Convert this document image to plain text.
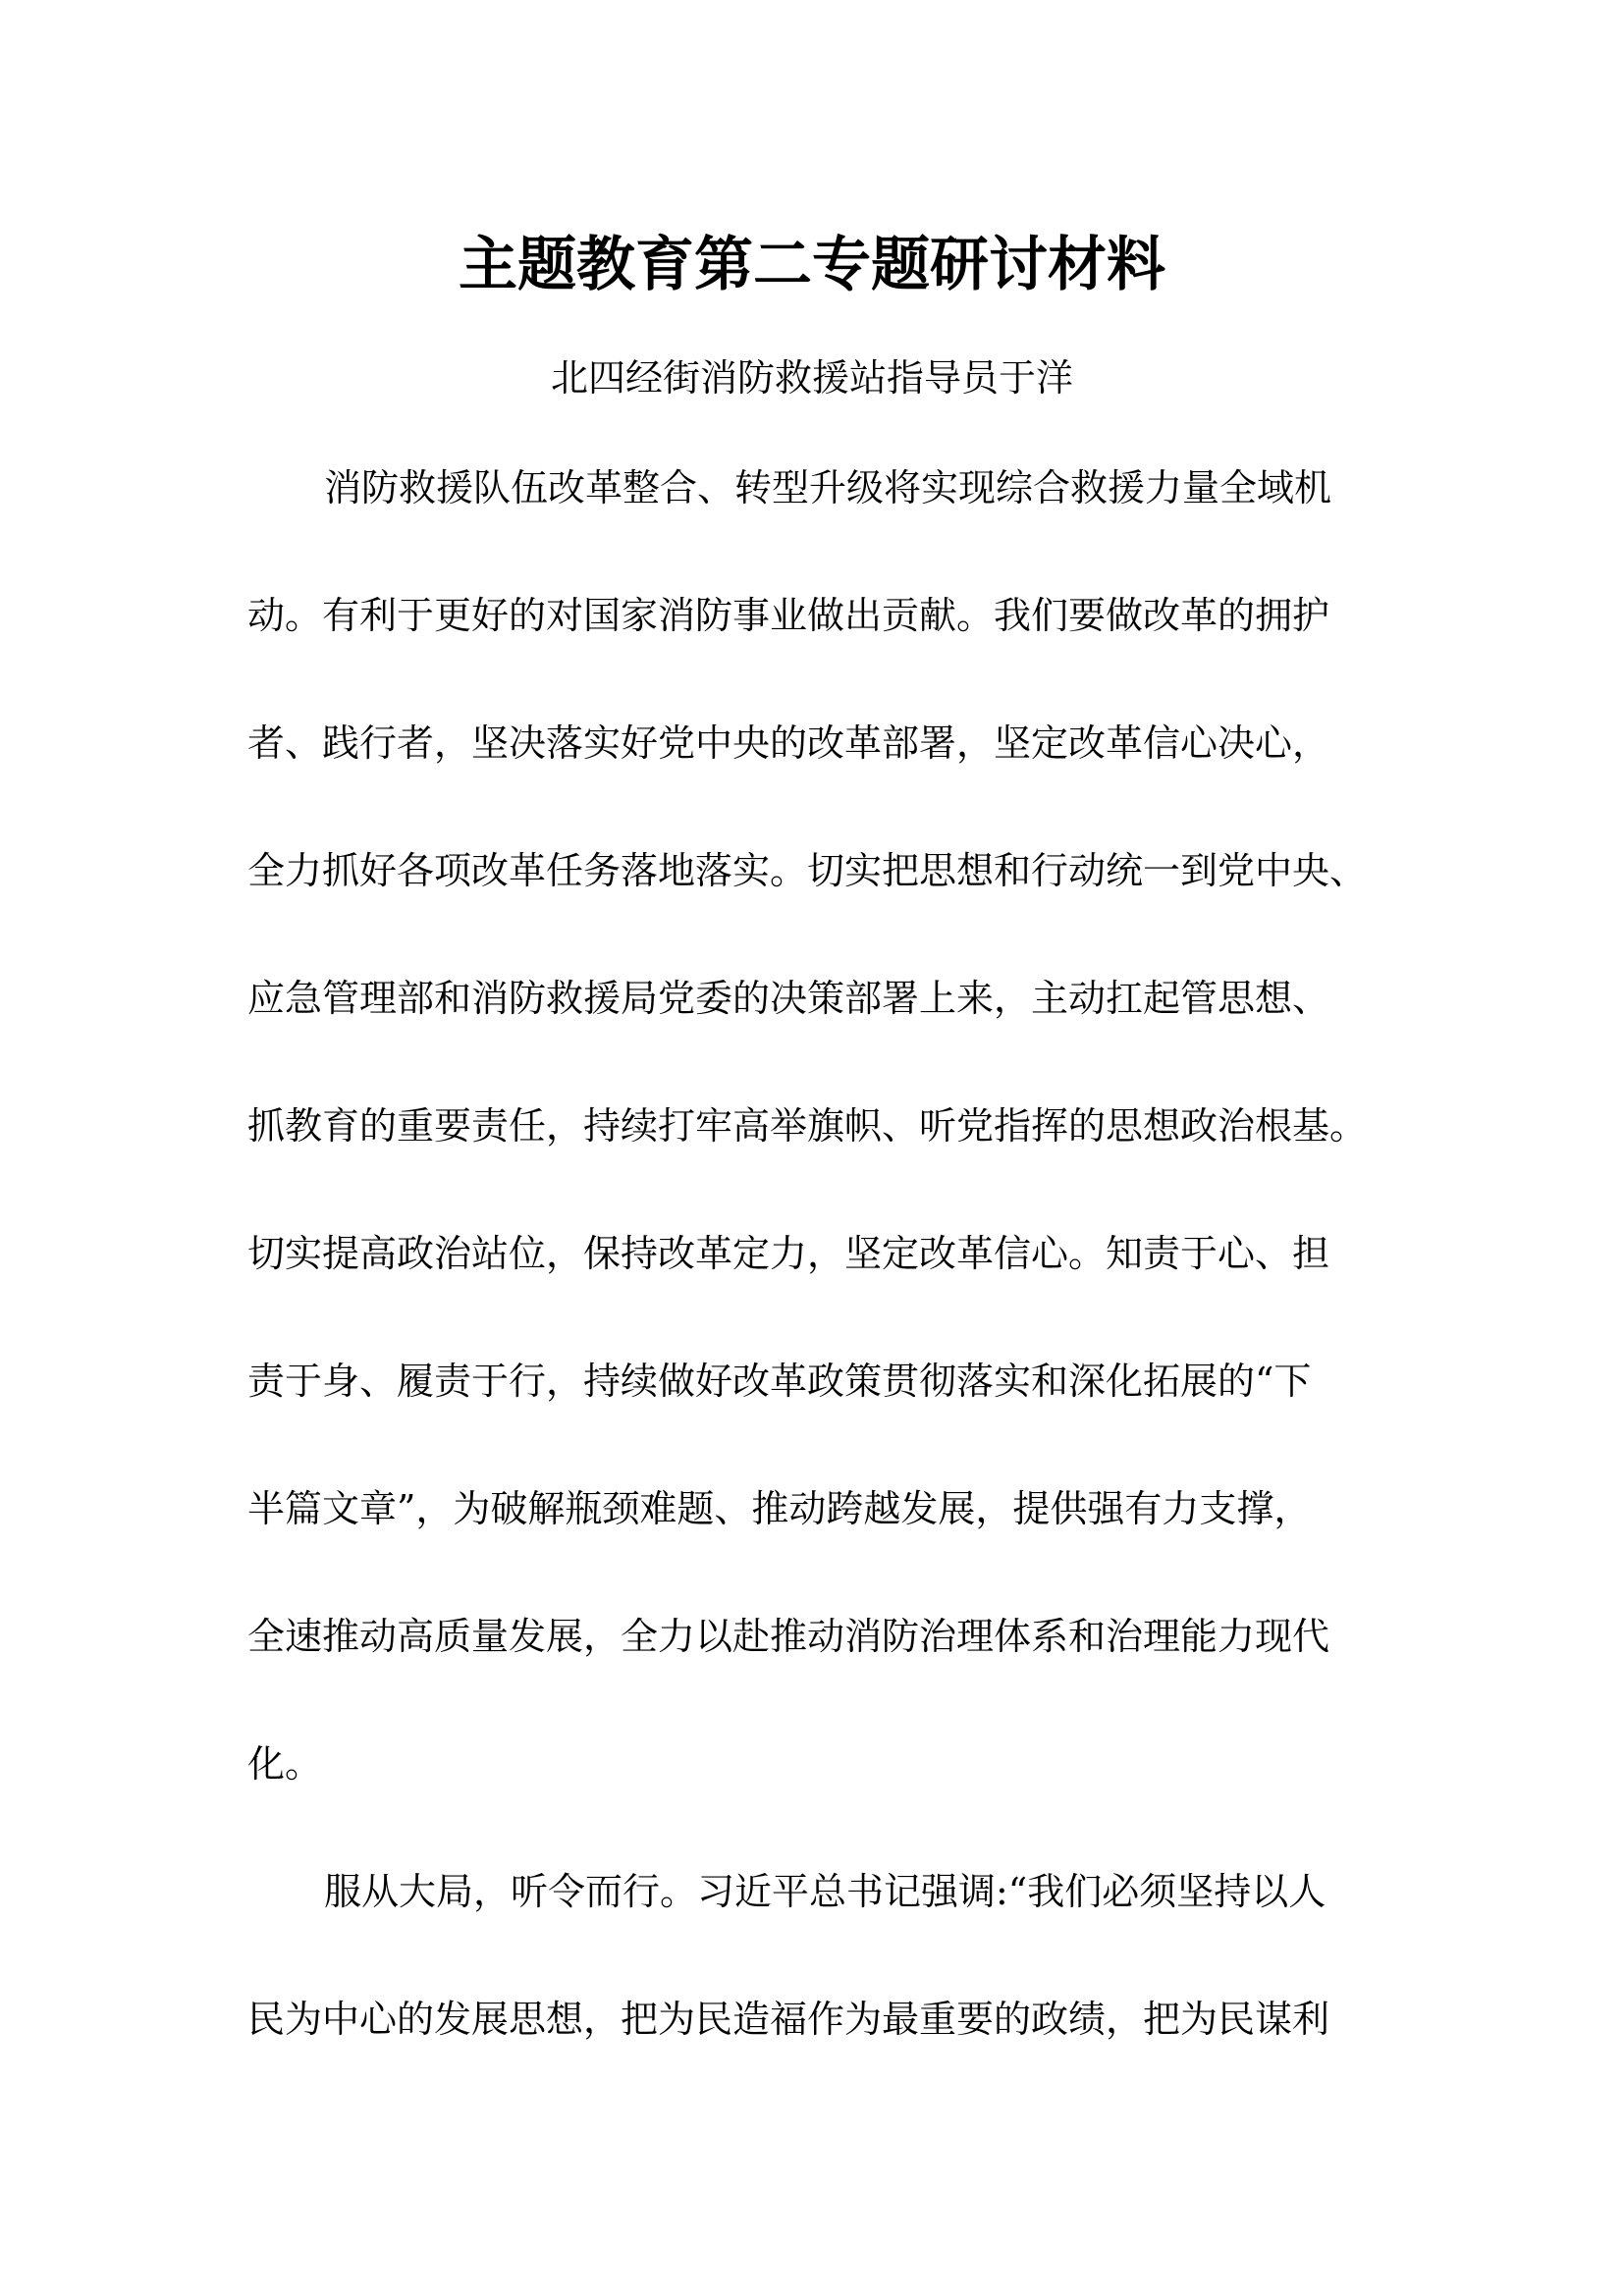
主题教育第二专题研讨材料

北四经街消防救援站指导员于洋

消防救援队伍改革整合、转型升级将实现综合救援力量全域机

动。有利于更好的对国家消防事业做出贡献。我们要做改革的拥护

者、践行者，坚决落实好党中央的改革部署，坚定改革信心决心，

全力抓好各项改革任务落地落实。切实把思想和行动统一到党中央、

应急管理部和消防救援局党委的决策部署上来，主动扛起管思想、

抓教育的重要责任，持续打牢高举旗帜、听党指挥的思想政治根基。

切实提高政治站位，保持改革定力，坚定改革信心。知责于心、担

责于身、履责于行，持续做好改革政策贯彻落实和深化拓展的“下

半篇文章”，为破解瓶颈难题、推动跨越发展，提供强有力支撑，

全速推动高质量发展，全力以赴推动消防治理体系和治理能力现代

化。

服从大局，听令而行。习近平总书记强调:“我们必须坚持以人

民为中心的发展思想，把为民造福作为最重要的政绩，把为民谋利
